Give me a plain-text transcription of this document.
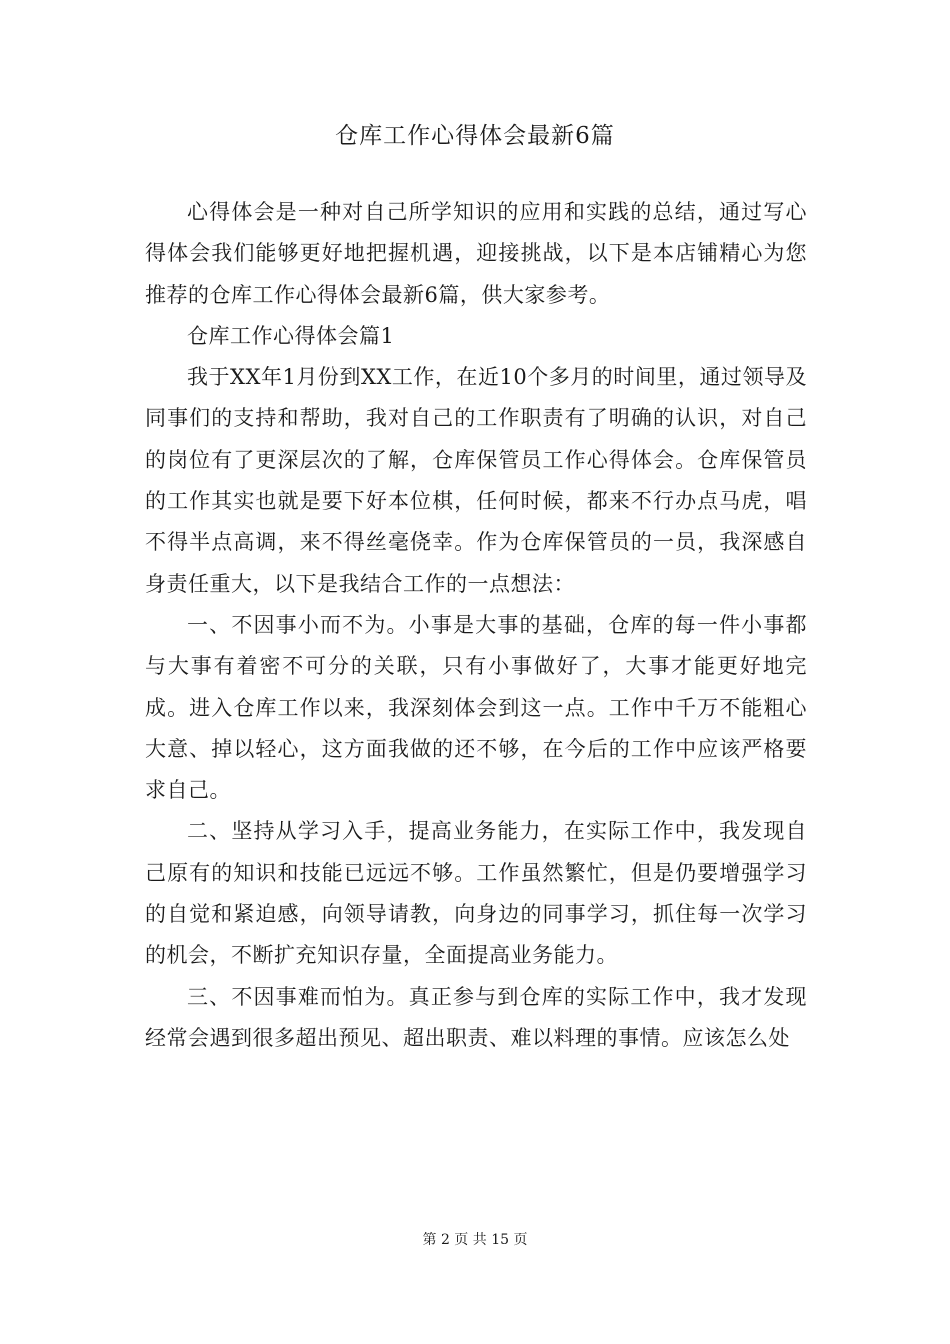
仓库工作心得体会最新6篇

心得体会是一种对自己所学知识的应用和实践的总结，通过写心得体会我们能够更好地把握机遇，迎接挑战，以下是本店铺精心为您推荐的仓库工作心得体会最新6篇，供大家参考。

仓库工作心得体会篇1

我于XX年1月份到XX工作，在近10个多月的时间里，通过领导及同事们的支持和帮助，我对自己的工作职责有了明确的认识，对自己的岗位有了更深层次的了解，仓库保管员工作心得体会。仓库保管员的工作其实也就是要下好本位棋，任何时候，都来不行办点马虎，唱不得半点高调，来不得丝毫侥幸。作为仓库保管员的一员，我深感自身责任重大，以下是我结合工作的一点想法：

一、不因事小而不为。小事是大事的基础，仓库的每一件小事都与大事有着密不可分的关联，只有小事做好了，大事才能更好地完成。进入仓库工作以来，我深刻体会到这一点。工作中千万不能粗心大意、掉以轻心，这方面我做的还不够，在今后的工作中应该严格要求自己。

二、坚持从学习入手，提高业务能力，在实际工作中，我发现自己原有的知识和技能已远远不够。工作虽然繁忙，但是仍要增强学习的自觉和紧迫感，向领导请教，向身边的同事学习，抓住每一次学习的机会，不断扩充知识存量，全面提高业务能力。

三、不因事难而怕为。真正参与到仓库的实际工作中，我才发现经常会遇到很多超出预见、超出职责、难以料理的事情。应该怎么处

第 2 页 共 15 页
